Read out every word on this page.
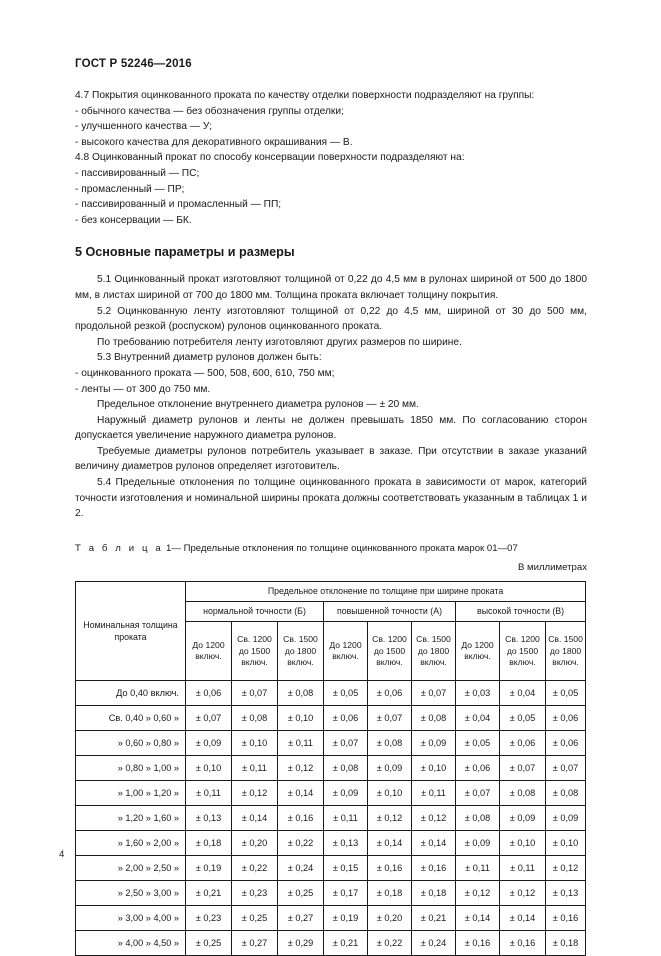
ГОСТ Р 52246—2016

4.7 Покрытия оцинкованного проката по качеству отделки поверхности подразделяют на группы:

- обычного качества — без обозначения группы отделки;

- улучшенного качества — У;

- высокого качества для декоративного окрашивания — В.

4.8 Оцинкованный прокат по способу консервации поверхности подразделяют на:

- пассивированный — ПС;

- промасленный — ПР;

- пассивированный и промасленный — ПП;

- без консервации — БК.

5 Основные параметры и размеры

5.1 Оцинкованный прокат изготовляют толщиной от 0,22 до 4,5 мм в рулонах шириной от 500 до 1800 мм, в листах шириной от 700 до 1800 мм. Толщина проката включает толщину покрытия.

5.2 Оцинкованную ленту изготовляют толщиной от 0,22 до 4,5 мм, шириной от 30 до 500 мм, продольной резкой (роспуском) рулонов оцинкованного проката.

По требованию потребителя ленту изготовляют других размеров по ширине.

5.3 Внутренний диаметр рулонов должен быть:

- оцинкованного проката — 500, 508, 600, 610, 750 мм;

- ленты — от 300 до 750 мм.

Предельное отклонение внутреннего диаметра рулонов — ± 20 мм.

Наружный диаметр рулонов и ленты не должен превышать 1850 мм. По согласованию сторон допускается увеличение наружного диаметра рулонов.

Требуемые диаметры рулонов потребитель указывает в заказе. При отсутствии в заказе указаний величину диаметров рулонов определяет изготовитель.

5.4 Предельные отклонения по толщине оцинкованного проката в зависимости от марок, категорий точности изготовления и номинальной ширины проката должны соответствовать указанным в таблицах 1 и 2.

Т а б л и ц а 1— Предельные отклонения по толщине оцинкованного проката марок 01—07

В миллиметрах

Номинальная толщина проката	Предельное отклонение по толщине при ширине проката								
	нормальной точности (Б)			повышенной точности (А)			высокой точности (В)		
	До 1200 включ.	Св. 1200 до 1500 включ.	Св. 1500 до 1800 включ.	До 1200 включ.	Св. 1200 до 1500 включ.	Св. 1500 до 1800 включ.	До 1200 включ.	Св. 1200 до 1500 включ.	Св. 1500 до 1800 включ.
До 0,40 включ.	± 0,06	± 0,07	± 0,08	± 0,05	± 0,06	± 0,07	± 0,03	± 0,04	± 0,05
Св. 0,40 » 0,60 »	± 0,07	± 0,08	± 0,10	± 0,06	± 0,07	± 0,08	± 0,04	± 0,05	± 0,06
» 0,60 » 0,80 »	± 0,09	± 0,10	± 0,11	± 0,07	± 0,08	± 0,09	± 0,05	± 0,06	± 0,06
» 0,80 » 1,00 »	± 0,10	± 0,11	± 0,12	± 0,08	± 0,09	± 0,10	± 0,06	± 0,07	± 0,07
» 1,00 » 1,20 »	± 0,11	± 0,12	± 0,14	± 0,09	± 0,10	± 0,11	± 0,07	± 0,08	± 0,08
» 1,20 » 1,60 »	± 0,13	± 0,14	± 0,16	± 0,11	± 0,12	± 0,12	± 0,08	± 0,09	± 0,09
» 1,60 » 2,00 »	± 0,18	± 0,20	± 0,22	± 0,13	± 0,14	± 0,14	± 0,09	± 0,10	± 0,10
» 2,00 » 2,50 »	± 0,19	± 0,22	± 0,24	± 0,15	± 0,16	± 0,16	± 0,11	± 0,11	± 0,12
» 2,50 » 3,00 »	± 0,21	± 0,23	± 0,25	± 0,17	± 0,18	± 0,18	± 0,12	± 0,12	± 0,13
» 3,00 » 4,00 »	± 0,23	± 0,25	± 0,27	± 0,19	± 0,20	± 0,21	± 0,14	± 0,14	± 0,16
» 4,00 » 4,50 »	± 0,25	± 0,27	± 0,29	± 0,21	± 0,22	± 0,24	± 0,16	± 0,16	± 0,18
4
